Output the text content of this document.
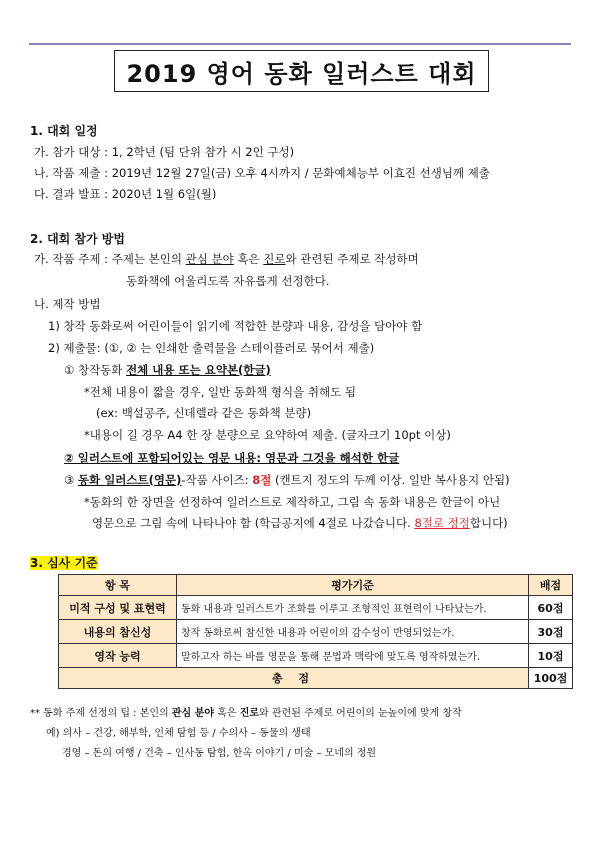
2019 영어 동화 일러스트 대회
1. 대회 일정
가. 참가 대상 : 1, 2학년 (팀 단위 참가 시 2인 구성)
나. 작품 제출 : 2019년 12월 27일(금) 오후 4시까지 / 문화예체능부 이효진 선생님께 제출
다. 결과 발표 : 2020년 1월 6일(월)
2. 대회 참가 방법
가. 작품 주제 : 주제는 본인의 관심 분야 혹은 진로와 관련된 주제로 작성하며
동화책에 어울리도록 자유롭게 선정한다.
나. 제작 방법
1) 창작 동화로써 어린이들이 읽기에 적합한 분량과 내용, 감성을 담아야 함
2) 제출물: (①, ② 는 인쇄한 출력물을 스테이플러로 묶어서 제출)
① 창작동화 전체 내용 또는 요약본(한글)
*전체 내용이 짧을 경우, 일반 동화책 형식을 취해도 됨
(ex: 백설공주, 신데렐라 같은 동화책 분량)
*내용이 길 경우 A4 한 장 분량으로 요약하여 제출. (글자크기 10pt 이상)
② 일러스트에 포함되어있는 영문 내용: 영문과 그것을 해석한 한글
③ 동화 일러스트(영문)-작품 사이즈: 8절 (캔트지 정도의 두께 이상. 일반 복사용지 안됨)
*동화의 한 장면을 선정하여 일러스트로 제작하고, 그림 속 동화 내용은 한글이 아닌
영문으로 그림 속에 나타나야 함 (학급공지에 4절로 나갔습니다. 8절로 정정합니다)
3. 심사 기준
항 목	평가기준	배점
미적 구성 및 표현력	동화 내용과 일러스트가 조화를 이루고 조형적인 표현력이 나타났는가.	60점
내용의 참신성	창작 동화로써 참신한 내용과 어린이의 감수성이 반영되었는가.	30점
영작 능력	말하고자 하는 바를 영문을 통해 문법과 맥락에 맞도록 영작하였는가.	10점
총 점		100점
** 동화 주제 선정의 팁 : 본인의 관심 분야 혹은 진로와 관련된 주제로 어린이의 눈높이에 맞게 창작
예) 의사 – 건강, 해부학, 인체 탐험 등 / 수의사 – 동물의 생태
경영 – 돈의 여행 / 건축 – 인사동 탐험, 한옥 이야기 / 미술 – 모네의 정원
